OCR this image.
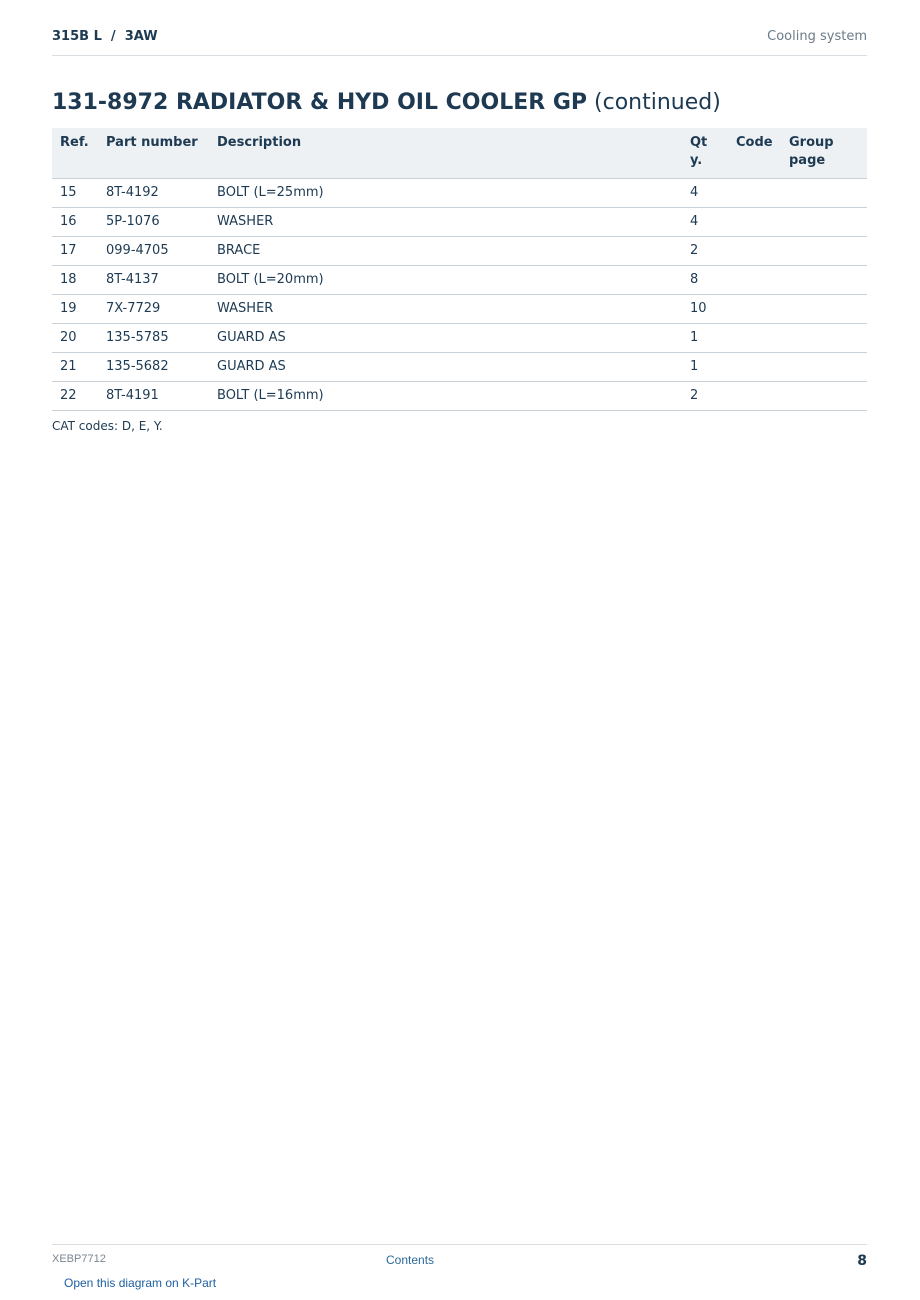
315B L  /  3AW	Cooling system
131-8972 RADIATOR & HYD OIL COOLER GP (continued)
Ref.	Part number	Description	Qty.	Code	Group page
15	8T-4192	BOLT (L=25mm)	4		
16	5P-1076	WASHER	4		
17	099-4705	BRACE	2		
18	8T-4137	BOLT (L=20mm)	8		
19	7X-7729	WASHER	10		
20	135-5785	GUARD AS	1		
21	135-5682	GUARD AS	1		
22	8T-4191	BOLT (L=16mm)	2		
CAT codes: D, E, Y.
XEBP7712	Contents	8
Open this diagram on K-Part
